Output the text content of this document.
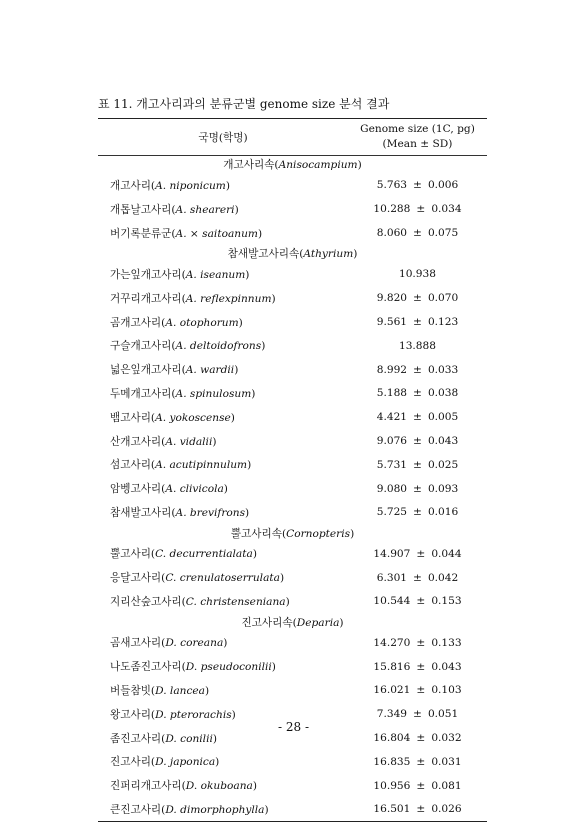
표 11. 개고사리과의 분류군별 genome size 분석 결과
국명(학명)	Genome size (1C, pg)
(Mean ± SD)

개고사리속(Anisocampium)	
개고사리(A. niponicum)	5.763 ± 0.006
개톱날고사리(A. sheareri)	10.288 ± 0.034
버기록분류군(A. × saitoanum)	8.060 ± 0.075
참새발고사리속(Athyrium)	
가는잎개고사리(A. iseanum)	10.938
거꾸리개고사리(A. reflexpinnum)	9.820 ± 0.070
곰개고사리(A. otophorum)	9.561 ± 0.123
구슬개고사리(A. deltoidofrons)	13.888
넓은잎개고사리(A. wardii)	8.992 ± 0.033
두메개고사리(A. spinulosum)	5.188 ± 0.038
뱀고사리(A. yokoscense)	4.421 ± 0.005
산개고사리(A. vidalii)	9.076 ± 0.043
섬고사리(A. acutipinnulum)	5.731 ± 0.025
암벵고사리(A. clivicola)	9.080 ± 0.093
참새발고사리(A. brevifrons)	5.725 ± 0.016
뿔고사리속(Cornopteris)	
뿔고사리(C. decurrentialata)	14.907 ± 0.044
응달고사리(C. crenulatoserrulata)	6.301 ± 0.042
지리산숲고사리(C. christenseniana)	10.544 ± 0.153
진고사리속(Deparia)	
곰새고사리(D. coreana)	14.270 ± 0.133
나도좀진고사리(D. pseudoconilii)	15.816 ± 0.043
버들참빗(D. lancea)	16.021 ± 0.103
왕고사리(D. pterorachis)	7.349 ± 0.051
좀진고사리(D. conilii)	16.804 ± 0.032
진고사리(D. japonica)	16.835 ± 0.031
진퍼리개고사리(D. okuboana)	10.956 ± 0.081
큰진고사리(D. dimorphophylla)	16.501 ± 0.026
- 28 -
